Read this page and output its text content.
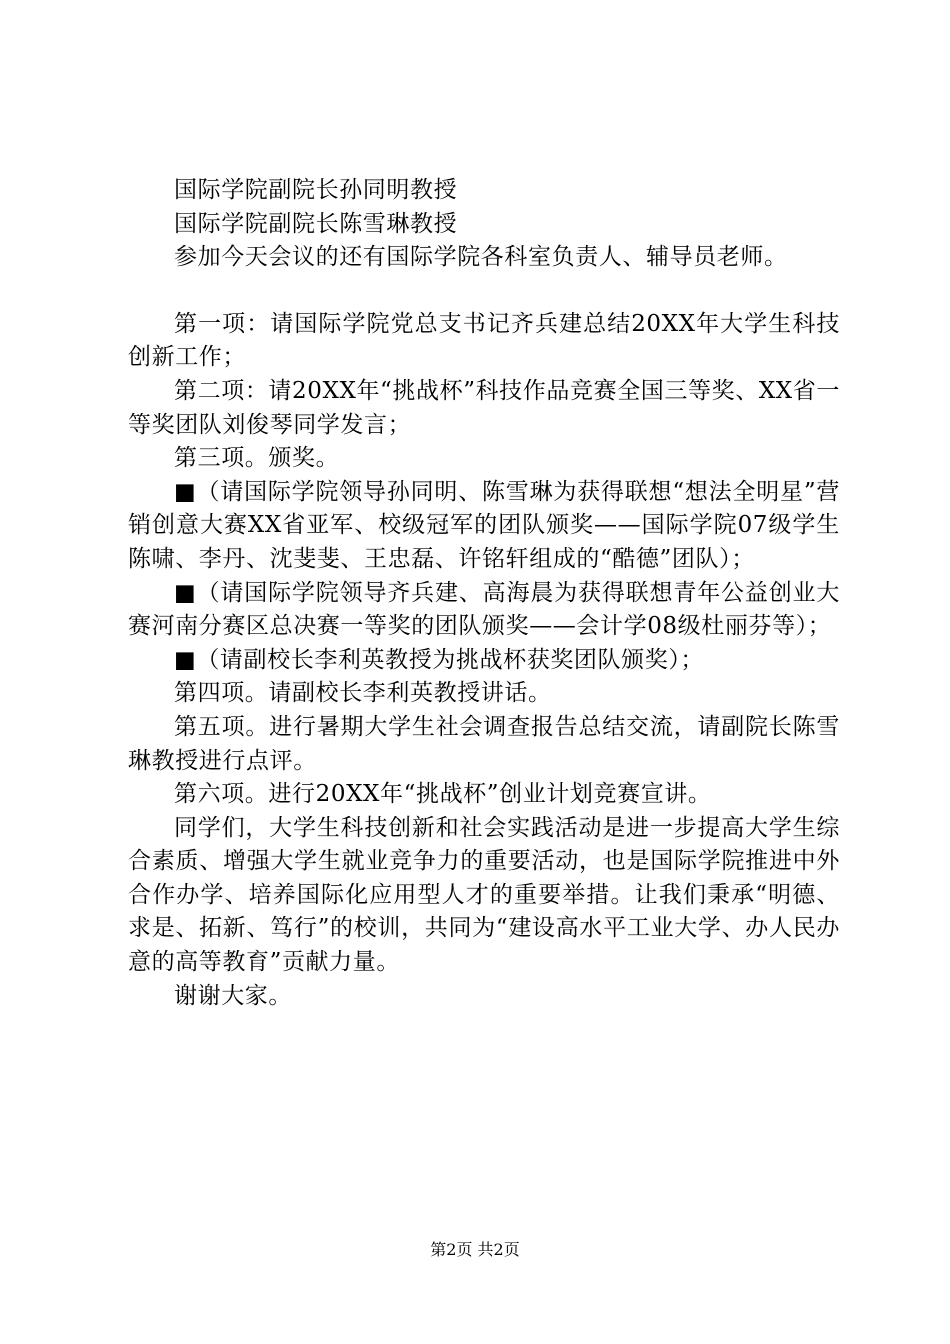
国际学院副院长孙同明教授

国际学院副院长陈雪琳教授

参加今天会议的还有国际学院各科室负责人、辅导员老师。

第一项：请国际学院党总支书记齐兵建总结20XX年大学生科技创新工作；

第二项：请20XX年“挑战杯”科技作品竞赛全国三等奖、XX省一等奖团队刘俊琴同学发言；

第三项。颁奖。

■（请国际学院领导孙同明、陈雪琳为获得联想“想法全明星”营销创意大赛XX省亚军、校级冠军的团队颁奖——国际学院07级学生陈啸、李丹、沈斐斐、王忠磊、许铭轩组成的“酷德”团队）；

■（请国际学院领导齐兵建、高海晨为获得联想青年公益创业大赛河南分赛区总决赛一等奖的团队颁奖——会计学08级杜丽芬等）；

■（请副校长李利英教授为挑战杯获奖团队颁奖）；

第四项。请副校长李利英教授讲话。

第五项。进行暑期大学生社会调查报告总结交流，请副院长陈雪琳教授进行点评。

第六项。进行20XX年“挑战杯”创业计划竞赛宣讲。

同学们，大学生科技创新和社会实践活动是进一步提高大学生综合素质、增强大学生就业竞争力的重要活动，也是国际学院推进中外合作办学、培养国际化应用型人才的重要举措。让我们秉承“明德、求是、拓新、笃行”的校训，共同为“建设高水平工业大学、办人民办意的高等教育”贡献力量。

谢谢大家。

第2页 共2页
